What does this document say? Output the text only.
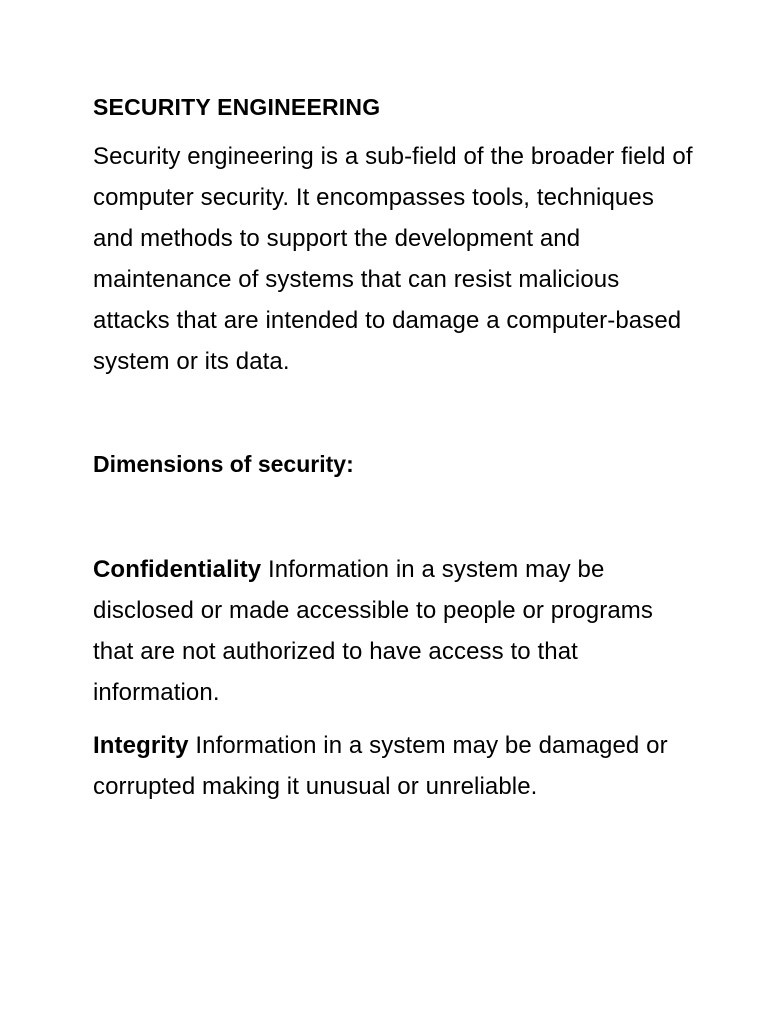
SECURITY ENGINEERING

Security engineering is a sub-field of the broader field of computer security. It encompasses tools, techniques and methods to support the development and maintenance of systems that can resist malicious attacks that are intended to damage a computer-based system or its data.

Dimensions of security:

Confidentiality Information in a system may be disclosed or made accessible to people or programs that are not authorized to have access to that information.

Integrity Information in a system may be damaged or corrupted making it unusual or unreliable.
